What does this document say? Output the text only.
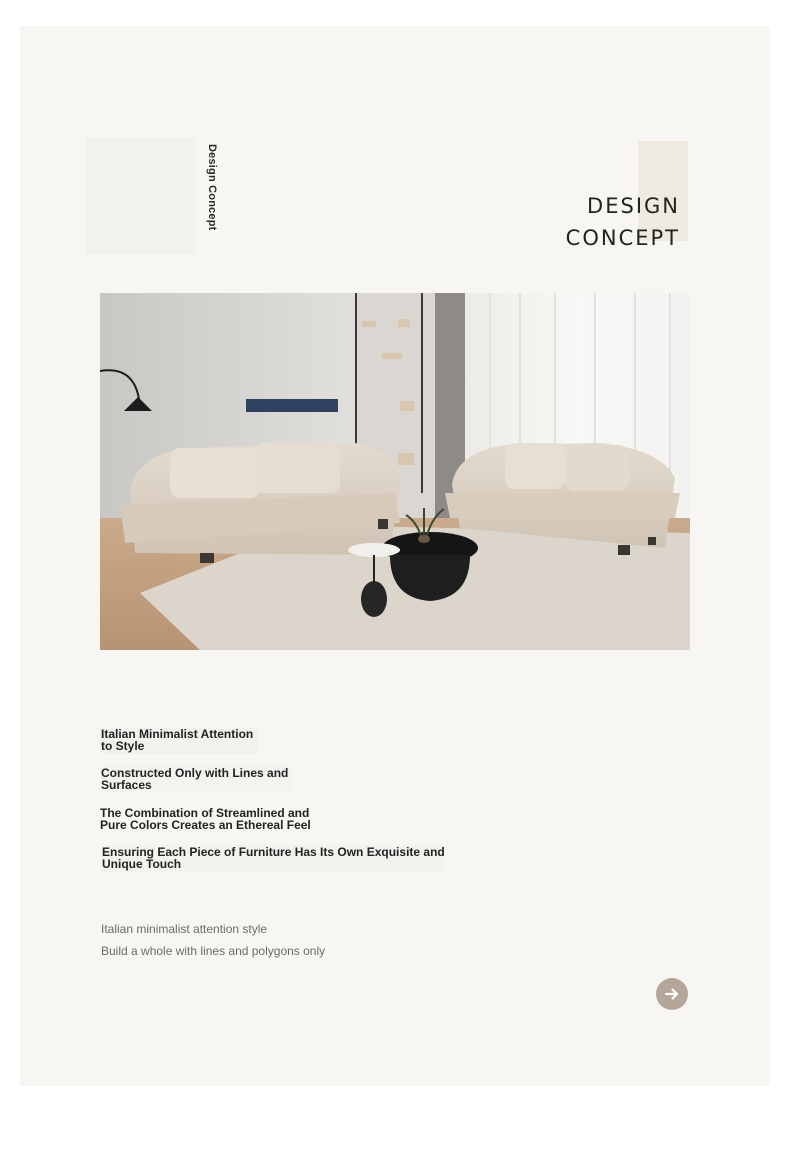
Design Concept	DESIGN
CONCEPT
Italian Minimalist Attention
to Style
Constructed Only with Lines and
Surfaces
The Combination of Streamlined and
Pure Colors Creates an Ethereal Feel
Ensuring Each Piece of Furniture Has Its Own Exquisite and
Unique Touch
Italian minimalist attention style
Build a whole with lines and polygons only
